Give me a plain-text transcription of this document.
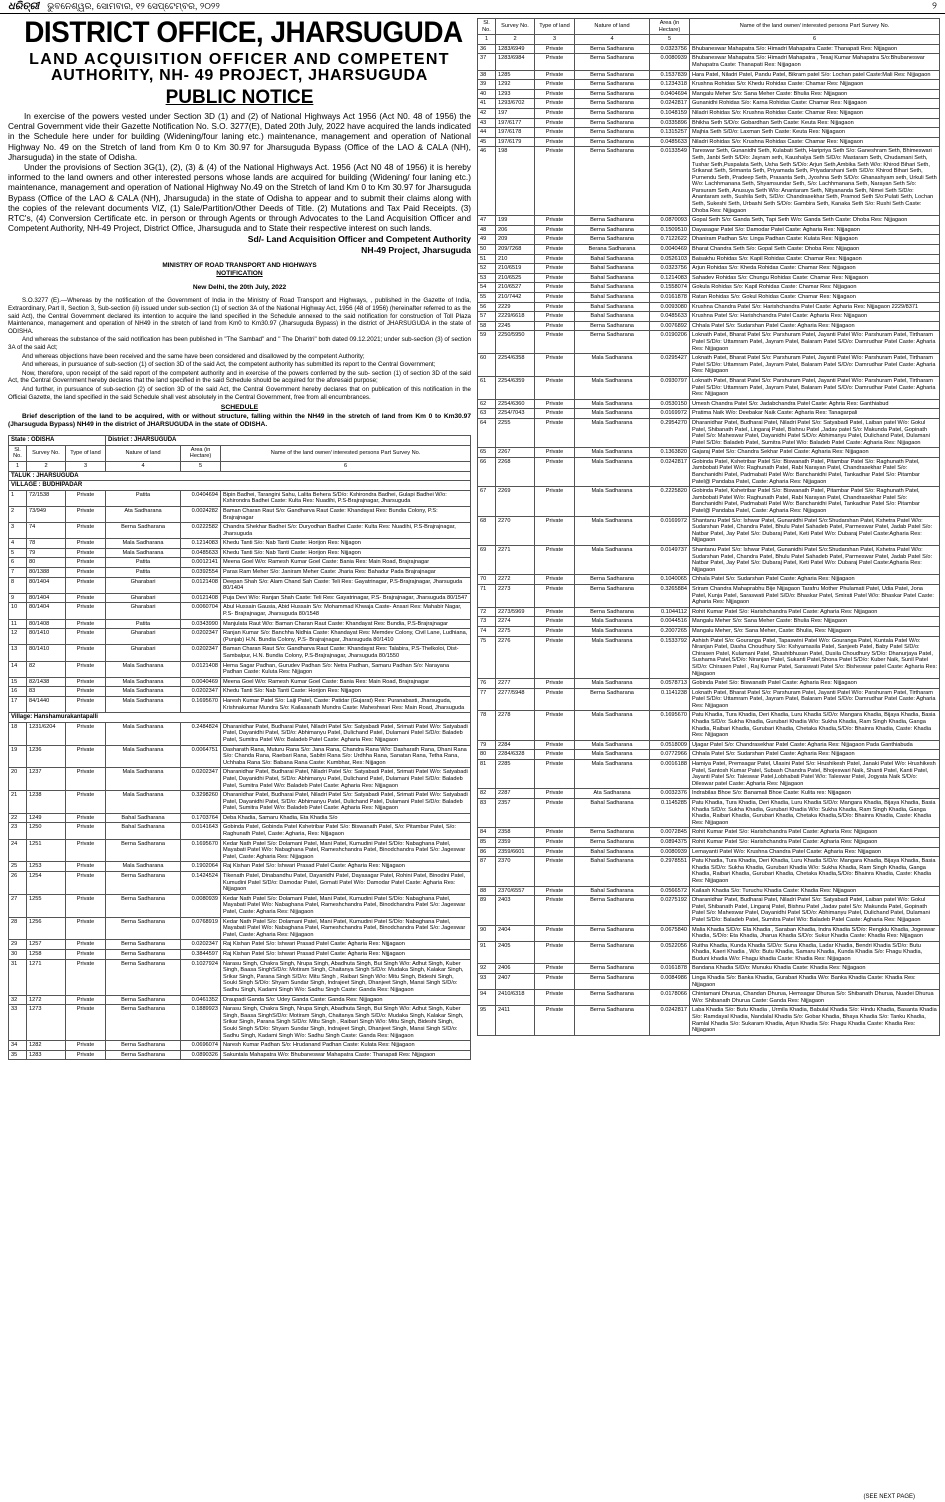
ଧରିତ୍ରୀ ଭୁବନେଶ୍ୱର, ସୋମବାର, ୧୨ ସେପ୍ଟେମ୍ବର, ୨୦୨୨	୨
DISTRICT OFFICE, JHARSUGUDA
LAND ACQUISITION OFFICER AND COMPETENT
AUTHORITY, NH- 49 PROJECT, JHARSUGUDA
PUBLIC NOTICE

In exercise of the powers vested under Section 3D (1) and (2) of National Highways Act 1956 (Act N0. 48 of 1956) the Central Government vide their Gazette Notification No. S.O. 3277(E), Dated 20th July, 2022 have acquired the lands indicated in the Schedule here under for building (Widening/four laning etc.) maintenance, management and operation of National Highway No. 49 on the Stretch of land from Km 0 to Km 30.97 for Jharsuguda Bypass (Office of the LAO & CALA (NH), Jharsuguda) in the state of Odisha.

Under the provisions of Section 3G(1), (2), (3) & (4) of the National Highways Act. 1956 (Act N0 48 of 1956) it is hereby informed to the land owners and other interested persons whose lands are acquired for building (Widening/ four laning etc.) maintenance, management and operation of National Highway No.49 on the Stretch of land Km 0 to Km 30.97 for Jharsuguda Bypass (Office of the LAO & CALA (NH), Jharsuguda) in the state of Odisha to appear and to submit their claims along with the copies of the relevant documents VIZ, (1) Sale/Partition/Other Deeds of Title. (2) Mutations and Tax Paid Receipts. (3) RTC's, (4) Conversion Certificate etc. in person or through Agents or through Advocates to the Land Acquisition Officer and Competent Authority, NH-49 Project, District Office, Jharsuguda and to State their respective interest on such lands.

Sd/- Land Acquisition Officer and Competent Authority
NH-49 Project, Jharsuguda
MINISTRY OF ROAD TRANSPORT AND HIGHWAYS
NOTIFICATION
New Delhi, the 20th July, 2022

S.O.3277 (E).—Whereas by the notification of the Government of India in the Ministry of Road Transport and Highways, , published in the Gazette of India, Extraordinary, Part II, Section 3, Sub-section (ii) issued under sub-section (1) of section 3A of the National Highway Act, 1956 (48 of 1956) (hereinafter referred to as the said Act), the Central Government declared its intention to acquire the land specified in the Schedule annexed to the said notification for construction of Toll Plaza Maintenance, management and operation of NH49 in the stretch of land from Km0 to Km30.97 (Jharsuguda Bypass) in the district of JHARSUGUDA in the state of ODISHA.

And whereas the substance of the said notification has been published in "The Sambad" and " The Dharitri" both dated 09.12.2021; under sub-section (3) of section 3A of the said Act;

And whereas objections have been received and the same have been considered and disallowed by the competent Authority;

And whereas, in pursuance of sub-section (1) of section 3D of the said Act, the competent authority has submitted its report to the Central Government;

Now, therefore, upon receipt of the said report of the competent authority and in exercise of the powers conferred by the sub- section (1) of section 3D of the said Act, the Central Government hereby declares that the land specified in the said Schedule should be acquired for the aforesaid purpose;

And further, in pursuance of sub-section (2) of section 3D of the said Act, the Central Government hereby declares that on publication of this notification in the Official Gazette, the land specified in the said Schedule shall vest absolutely in the Central Government, free from all encumbrances.

SCHEDULE

Brief description of the land to be acquired, with or without structure, falling within the NH49 in the stretch of land from Km 0 to Km30.97 (Jharsuguda Bypass) NH49 in the district of JHARSUGUDA in the state of ODISHA.

State : ODISHA			District : JHARSUGUDA		
Sl. No.	Survey No.	Type of land	Nature of land	Area (in Hectare)	Name of the land owner/ interested persons Part Survey No.
1	2	3	4	5	6
TALUK : JHARSUGUDA					
VILLAGE : BUDHIPADAR					
1	72/1538	Private	Patita	0.0404694	Bipin Badhei, Tarangini Sahu, Lalita Behera S/D/o: Kshirondra Badhei, Gulapi Badhei W/o: Kshirondra Badhei Caste: Kulta Res: Nuadihi, P.S-Brajrajnagar, Jharsuguda
2	73/949	Private	Ata Sadharana	0.0024282	Baman Charan Raut S/o: Gandharva Raut Caste: Khandayat Res: Bundia Colony, P.S: Brajrajnagar
3	74	Private	Berna Sadharana	0.0222582	Chandra Shekhar Badhei S/o: Duryodhan Badhei Caste: Kulta Res: Nuadihi, P.S-Brajrajnagar, Jharsuguda
4	78	Private	Mala Sadharana	0.1214083	Khedu Tanti S/o: Nab Tanti Caste: Horijon Res: Nijjagon
5	79	Private	Mala Sadharana	0.0485633	Khedu Tanti S/o: Nab Tanti Caste: Horijon Res: Nijjagon
6	80	Private	Patita	0.0012141	Meena Goel W/o: Ramesh Kumar Goel Caste: Bania Res: Main Road, Brajrajnagar
7	80/1388	Private	Patita	0.0392554	Paras Ram Meher S/o: Janiram Meher Caste: Jharia Res: Bahadur Pada Brajrajnagar
8	80/1404	Private	Gharabari	0.0121408	Deepan Shah S/o: Alam Chand Sah Caste: Teli Res: Gayatrinagar, P.S-Brajrajnagar, Jharsuguda 80/1404
9	80/1404	Private	Gharabari	0.0121408	Puja Devi W/o: Ranjan Shah Caste: Teli Res: Gayatrinagar, P.S- Brajrajnagar, Jharsuguda 80/1547
10	80/1404	Private	Gharabari	0.0060704	Abul Hussain Gausia, Abid Hussain S/o: Mohammad Khwaja Caste- Ansari Res: Mahabir Nagar, P.S- Brajrajnagar, Jharsuguda 80/1548
11	80/1408	Private	Patita	0.0343990	Manjulata Raut W/o: Baman Charan Raut Caste: Khandayat Res: Bundia, P.S-Brajrajnagar
12	80/1410	Private	Gharabari	0.0202347	Ranjan Kumar S/o: Banchha Nidhia Caste: Khandayat Res: Memdev Colony, Civil Lane, Ludhiana, (Punjab) H.N. Bundia Colony, P.S- Brajrajnagar, Jharsuguda 80/1410
13	80/1410	Private	Gharabari	0.0202347	Baman Charan Raut S/o: Gandharva Raut Caste: Khandayat Res: Talabira, P.S-Thelkoloi, Dist- Sambalpur, H.N. Bundia Colony, P.S-Brajrajnagar, Jharsuguda 80/1550
14	82	Private	Mala Sadharana	0.0121408	Hema Sagar Padhan, Gurudev Padhan S/o: Netra Padhan, Samaru Padhan S/o: Narayana Padhan Caste: Kuluta Res: Nijjagon
15	82/1438	Private	Mala Sadharana	0.0040469	Meena Goel W/o: Ramesh Kumar Goel Caste: Bania Res: Main Road, Brajrajnagar
16	83	Private	Mala Sadharana	0.0202347	Khedu Tanti S/o: Nab Tanti Caste: Horijon Res: Nijjagon
17	84/1440	Private	Mala Sadharana	0.1695670	Haresh Kumar Patel S/o: Laiji Patel, Caste: Patidar (Gujarat) Res: Puranabasti, Jharsuguda, Krishnakumar Mundra S/o: Kailasanath Mundra Caste: Maheshwari Res: Main Road, Jharsuguda
Village: Hanshamurakantapalli					
18	1231/6204	Private	Mala Sadharana	0.2484824	Dharanidhar Patel, Budharai Patel, Niladri Patel S/o: Satyabadi Patel, Srimati Patel W/o: Satyabadi Patel, Dayanidhi Patel, S/D/o: Abhimanyu Patel, Dulichand Patel, Dulamani Patel S/D/o: Baladeb Patel, Sumitra Patel W/o: Baladeb Patel Caste: Agharia Res: Nijjagaon
19	1236	Private	Mala Sadharana	0.0064751	Dasharath Rana, Muturu Rana S/o: Jana Rana, Chandra Rana W/o: Dasharath Rana, Dhani Rana S/o: Chanda Rana, Raebari Rana, Sabitri Rana S/o: Urdhha Rana, Sanatan Rana, Tetha Rana, Uchhaba Rana S/o: Babana Rana Caste: Kumbhar, Res: Nijjagon
20	1237	Private	Mala Sadharana	0.0202347	Dharanidhar Patel, Budharai Patel, Niladri Patel S/o: Satyabadi Patel, Srimati Patel W/o: Satyabadi Patel, Dayanidhi Patel, S/D/o: Abhimanyu Patel, Dulichand Patel, Dulamani Patel S/D/o: Baladeb Patel, Sumitra Patel W/o: Baladeb Patel Caste: Agharia Res: Nijjagaon
21	1238	Private	Mala Sadharana	0.3298260	Dharanidhar Patel, Budharai Patel, Niladri Patel S/o: Satyabadi Patel, Srimati Patel W/o: Satyabadi Patel, Dayanidhi Patel, S/D/o: Abhimanyu Patel, Dulichand Patel, Dulamani Patel S/D/o: Baladeb Patel, Sumitra Patel W/o: Baladeb Patel Caste: Agharia Res: Nijjagaon
22	1249	Private	Bahal Sadharana	0.1703764	Deba Khadia, Samaru Khadia, Eta Khadia S/o
23	1250	Private	Bahal Sadharana	0.0141643	Gobinda Patel, Gobinda Patel Kshetribar Patel S/o: Biswanath Patel, S/o: Pitambar Patel, S/o: Raghunath Patel, Caste: Agharia, Res: Nijjagaon
24	1251	Private	Berna Sadharana	0.1695670	Kedar Nath Patel S/o: Dolamani Patel, Mani Patel, Kumudini Patel S/D/o: Nabaghana Patel, Mayabati Patel W/o: Nabaghana Patel, Rameshchandra Patel, Binodchandra Patel S/o: Jageswar Patel, Caste: Agharia Res: Nijjagaon
25	1253	Private	Mala Sadharana	0.1902064	Raj Kishan Patel S/o: Ishwari Prasad Patel Caste: Agharia Res: Nijjagaon
26	1254	Private	Berna Sadharana	0.1424524	Tikenath Patel, Dinabandhu Patel, Dayanidhi Patel, Dayasagar Patel, Rohini Patel, Binodini Patel, Kumudini Patel S/D/o: Damodar Patel, Gomati Patel W/o: Damodar Patel Caste: Agharia Res: Nijjagaon
27	1255	Private	Berna Sadharana	0.0080939	Kedar Nath Patel S/o: Dolamani Patel, Mani Patel, Kumudini Patel S/D/o: Nabaghana Patel, Mayabati Patel W/o: Nabaghana Patel, Rameshchandra Patel, Binodchandra Patel S/o: Jageswar Patel, Caste: Agharia Res: Nijjagaon
28	1256	Private	Berna Sadharana	0.0768919	Kedar Nath Patel S/o: Dolamani Patel, Mani Patel, Kumudini Patel S/D/o: Nabaghana Patel, Mayabati Patel W/o: Nabaghana Patel, Rameshchandra Patel, Binodchandra Patel S/o: Jageswar Patel, Caste: Agharia Res: Nijjagaon
29	1257	Private	Berna Sadharana	0.0202347	Raj Kishan Patel S/o: Ishwari Prasad Patel Caste: Agharia Res: Nijjagaon
30	1258	Private	Berna Sadharana	0.3844597	Raj Kishan Patel S/o: Ishwari Prasad Patel Caste: Agharia Res: Nijjagaon
31	1271	Private	Berna Sadharana	0.1027924	Narasu Singh, Chakra Singh, Nrupa Singh, Abadhuta Singh, Bui Singh W/o: Adhut Singh, Kuber Singh, Baasa SinghS/D/o: Motiram Singh, Chaitanya Singh S/D/o: Mudaka Singh, Kalakar Singh, Srikar Singh, Parana Singh S/D/o: Mitu Singh , Raibari Singh W/o: Mitu Singh, Bideshi Singh, Souki Singh S/D/o: Shyam Sundar Singh, Indrajeet Singh, Dhanjeet Singh, Mansi Singh S/D/o: Sadhu Singh, Kadami Singh W/o: Sadhu Singh Caste: Ganda Res: Nijjagaon
32	1272	Private	Berna Sadharana	0.0461352	Draupadi Ganda S/o: Udey Ganda Caste: Ganda Res: Nijjagaon
33	1273	Private	Berna Sadharana	0.1889923	Narasu Singh, Chakra Singh, Nrupa Singh, Abadhuta Singh, Bui Singh W/o: Adhut Singh, Kuber Singh, Baasa SinghS/D/o: Motiram Singh, Chaitanya Singh S/D/o: Mudaka Singh, Kalakar Singh, Srikar Singh, Parana Singh S/D/o: Mitu Singh , Raibari Singh W/o: Mitu Singh, Bideshi Singh, Souki Singh S/D/o: Shyam Sundar Singh, Indrajeet Singh, Dhanjeet Singh, Mansi Singh S/D/o: Sadhu Singh, Kadami Singh W/o: Sadhu Singh Caste: Ganda Res: Nijjagaon
34	1282	Private	Berna Sadharana	0.0696074	Naresh Kumar Padhan S/o: Hrudanand Padhan Caste: Kulata Res: Nijjagaon
35	1283	Private	Berna Sadharana	0.0890326	Sakuntala Mahapatra W/o: Bhubaneswar Mahapatra Caste: Thanapati Res: Nijjagaon
Sl. No.	Survey No.	Type of land	Nature of land	Area (in Hectare)	Name of the land owner/ interested persons Part Survey No.
1	2	3	4	5	6
36	1283/6949	Private	Berna Sadharana	0.0323756	Bhubaneswar Mahapatra S/o: Himadri Mahapatra Caste: Thanapati Res: Nijjagaon
37	1283/6984	Private	Berna Sadharana	0.0080939	Bhubaneswar Mahapatra S/o: Himadri Mahapatra , Tesaj Kumar Mahapatra S/o:Bhubaneswar Mahapatra Caste: Thanapati Res: Nijjagaon
38	1285	Private	Berna Sadharana	0.1537839	Hara Patel, Niladri Patel, Pandu Patel, Bikram patel S/o: Lochan patel Caste:Mali Res: Nijjagaon
39	1292	Private	Berna Sadharana	0.1234318	Krushna Rohidas S/o: Khedu Rohidas Caste: Chamar Res: Nijjagaon
40	1293	Private	Berna Sadharana	0.0404694	Mangalu Meher S/o: Sana Meher Caste: Bhulia Res: Nijjagaon
41	1293/6702	Private	Berna Sadharana	0.0242817	Gunanidhi Rohidas S/o: Karna Rohidas Caste: Chamar Res: Nijjagaon
42	197	Private	Berna Sadharana	0.1048159	Niladri Rohidas S/o: Krushna Rohidas Caste: Chamar Res: Nijjagaon
43	197/6177	Private	Berna Sadharana	0.0335896	Bhikha Seth S/D/o: Gobardhan Seth Caste: Keuta Res: Nijjagaon
44	197/6178	Private	Berna Sadharana	0.1315257	Majhia Seth S/D/o: Laxman Seth Caste: Keuta Res: Nijjagaon
45	197/6179	Private	Berna Sadharana	0.0485633	Niladri Rohidas S/o: Krushna Rohidas Caste: Chamar Res: Nijjagaon
46	198	Private	Berna Sadharana	0.0133549	Tareswar Seth, Gunanidhi Seth, Kulabati Seth, Haripriya Seth S/o: Ganeshram Seth, Bhimeswari Seth, Janbi Seth S/D/o: Jayram seth, Kaushalya Seth S/D/o: Mastaram Seth, Chudamani Seth, Tushar Seth,Puspalata Seth, Usha Seth S/D/o: Arjun Seth,Ambika Seth W/o: Khirod Bihari Seth, Srikanat Seth, Srimanta Seth, Priyamada Seth, Priyadarshani Seth S/D/o: Khirod Bihari Seth, Purnendu Seth, Pradeep Seth, Prasanta Seth, Jyoshna Seth S/D/o: Ghanashyam seth, Urkuli Seth W/o: Lachhmanana Seth, Shyamsundar Seth, S/o: Lachhmanana Seth, Narayan Seth S/o: Parsuram Seth, Anusuya Seth W/o: Anantaram Seth, Nityananda Seth, Nimei Seth S/D/o: Anantaram seth, Sushila Seth, S/D/o: Chandrasekhar Seth, Pramod Seth S/o:Pulati Seth, Lochan Seth, Sukeshi Seth, Urbashi Seth S/D/o: Gambira Seth, Kanaka Seth S/o: Rushi Seth Caste: Dhoba Res: Nijjagaon
47	199	Private	Berna Sadharana	0.0870093	Gopal Seth S/o: Ganda Seth, Tapi Seth W/o: Ganda Seth Caste: Dhoba Res: Nijjagaon
48	206	Private	Berna Sadharana	0.1509510	Dayasagar Patel S/o: Damodar Patel Caste: Agharia Res: Nijjagaon
49	209	Private	Berna Sadharana	0.7122622	Dhaniram Padhan S/o: Linga Padhan Caste: Kulata Res: Nijjagaon
50	209/7268	Private	Berana Sadharana	0.0040469	Bharat Chandra Seth S/o: Gopal Seth Caste: Dhoba Res: Nijjagaon
51	210	Private	Bahal Sadharana	0.0526103	Baisakhu Rohidas S/o: Kapil Rohidas Caste: Chamar Res: Nijjagaon
52	210/6519	Private	Bahal Sadharana	0.0323756	Arjun Rohidas S/o: Kheda Rohidas Caste: Chamar Res: Nijjagaon
53	210/6525	Private	Bahal Sadharana	0.1214083	Sahadev Rohidas S/o: Chungu Rohidas Caste: Chamar Res: Nijjagaon
54	210/6527	Private	Bahal Sadharana	0.1558074	Gokula Rohidas S/o: Kapil Rohidas Caste: Chamar Res: Nijjagaon
55	210/7442	Private	Bahal Sadharana	0.0161878	Ratan Rohidas S/o: Gokul Rohidas Caste: Chamar Res: Nijjagaon
56	2229	Private	Bahal Sadharana	0.0093080	Krushna Chandra Patel S/o: Harishchandra Patel Caste: Agharia Res: Nijjagaon 2229/8371
57	2229/6618	Private	Bahal Sadharana	0.0485633	Krushna Patel S/o: Harishchandra Patel Caste: Agharia Res: Nijjagaon
58	2245	Private	Berna Sadharana	0.0076892	Chhala Patel S/o: Sudarshan Patel Caste: Agharia Res: Nijjagaon
59	2250/5950	Private	Berna Sadharana	0.0190206	Loknath Patel, Bharat Patel S/o: Parshuram Patel, Jayanti Patel W/o: Parshuram Patel, Tirtharam Patel S/D/o: Uttamram Patel, Jayram Patel, Balaram Patel S/D/o: Damrudhar Patel Caste: Agharia Res: Nijjagaon
60	2254/6358	Private	Mala Sadharana	0.0295427	Loknath Patel, Bharat Patel S/o: Parshuram Patel, Jayanti Patel W/o: Parshuram Patel, Tirtharam Patel S/D/o: Uttamram Patel, Jayram Patel, Balaram Patel S/D/o: Damrudhar Patel Caste: Agharia Res: Nijjagaon
61	2254/6359	Private	Mala Sadharana	0.0930797	Loknath Patel, Bharat Patel S/o: Parshuram Patel, Jayanti Patel W/o: Parshuram Patel, Tirtharam Patel S/D/o: Uttamram Patel, Jayram Patel, Balaram Patel S/D/o: Damrudhar Patel Caste: Agharia Res: Nijjagaon
62	2254/6360	Private	Mala Sadharana	0.0530150	Umesh Chandra Patel S/o: Jadabchandra Patel Caste: Aghria Res: Ganthiabud
63	2254/7043	Private	Mala Sadharana	0.0169972	Pratima Naik W/o: Deebakar Naik Caste: Agharia Res: Tanagarpali
64	2255	Private	Mala Sadharana	0.2954270	Dharanidhar Patel, Budharai Patel, Niladri Patel S/o: Satyabadi Patel, Laiban patel W/o: Gokul Patel, Shibanath Patel, Lingaraj Patel, Bishnu Patel ,Jadav patel S/o: Makunda Patel, Gopinath Patel S/o: Maheswar Patel, Dayanidhi Patel S/D/o: Abhimanyu Patel, Dulichand Patel, Dulamani Patel S/D/o: Baladeb Patel, Sumitra Patel W/o: Baladeb Patel Caste: Agharia Res: Nijjagaon
65	2267	Private	Mala Sadharana	0.1363820	Gajaraj Patel S/o: Chandra Sekhar Patel Caste: Agharia Res: Nijjagaon
66	2268	Private	Mala Sadharana	0.0242817	Gobinda Patel, Kshetribar Patel S/o: Biswanath Patel, Pitambar Patel S/o: Raghunath Patel, Jambobati Patel W/o: Raghunath Patel, Rabi Narayan Patel, Chandrasekhar Patel S/o: Banchanidhi Patel, Padmabati Patel W/o: Banchanidhi Patel, Tankadhar Patel S/o: Pitambar Patel@ Pandaba Patel, Caste: Agharia Res: Nijjagaon
67	2269	Private	Mala Sadharana	0.2225820	Gobinda Patel, Kshetribar Patel S/o: Biswanath Patel, Pitambar Patel S/o: Raghunath Patel, Jambobati Patel W/o: Raghunath Patel, Rabi Narayan Patel, Chandrasekhar Patel S/o: Banchanidhi Patel, Padmabati Patel W/o: Banchanidhi Patel, Tankadhar Patel S/o: Pitambar Patel@ Pandaba Patel, Caste: Agharia Res: Nijjagaon
68	2270	Private	Mala Sadharana	0.0169972	Shantanu Patel S/o: Ishwar Patel, Gunanidhi Patel S/o:Shudarshan Patel, Kshetra Patel W/o: Sudarshan Patel, Chandra Patel, Bhulu Patel Sahadeb Patel, Parmeswar Patel, Jadab Patel S/o: Natbar Patel, Jay Patel S/o: Dubaraj Patel, Keti Patel W/o: Dubaraj Patel Caste:Agharia Res: Nijjagaon
69	2271	Private	Mala Sadharana	0.0149737	Shantanu Patel S/o: Ishwar Patel, Gunanidhi Patel S/o:Shudarshan Patel, Kshetra Patel W/o: Sudarshan Patel, Chandra Patel, Bhulu Patel Sahadeb Patel, Parmeswar Patel, Jadab Patel S/o: Natbar Patel, Jay Patel S/o: Dubaraj Patel, Keti Patel W/o: Dubaraj Patel Caste:Agharia Res: Nijjagaon
70	2272	Private	Berna Sadharana	0.1040065	Chhala Patel S/o: Sudarshan Patel Caste: Agharia Res: Nijjagaon
71	2273	Private	Berna Sadharana	0.3265884	Sriram Chandra Mahaprabhu Bije Nijjagaon Tarafru Mother Phulamati Patel, Udia Patel, Jona Patel, Kunja Patel, Saraswati Patel S/D/o: Bhaskar Patel, Smirati Patel W/o: Bhaskar Patel Caste: Agharia Res: Nijjagaon
72	2273/5969	Private	Berna Sadharana	0.1044112	Rohit Kumar Patel S/o: Harishchandra Patel Caste: Agharia Res: Nijjagaon
73	2274	Private	Mala Sadharana	0.0044516	Mangalu Meher S/o: Sana Meher Caste: Bhulia Res: Nijjagaon
74	2275	Private	Mala Sadharana	0.2007265	Mangalu Meher, S/o: Sana Meher, Caste: Bhulia, Res: Nijjagaon
75	2276	Private	Mala Sadharana	0.1533792	Ashish Patel S/o: Gouranga Patel, Tapaswini Patel W/o: Gouranga Patel, Kuntala Patel W/o: Niranjan Patel, Dasha Choudhury S/o: Kshyamasila Patel, Sanjeeb Patel, Baby Patel S/D/o: Chirasen Patel, Kulamani Patel, Shashibhusan Patel, Dusila Choudhury S/D/o: Dhanurjaya Patel, Sushama Patel,S/D/o: Niranjan Patel, Sukanti Patel,Shona Patel S/D/o: Kuber Naik, Sunil Patel S/D/o: Chirasen Patel , Raj Kumar Patel, Saraswati Patel S/o: Bisheswar patel Caste: Agharia Res: Nijjagaon
76	2277	Private	Mala Sadharana	0.0578713	Gobinda Patel S/o: Biswanath Patel Caste: Agharia Res: Nijjagaon
77	2277/5948	Private	Berna Sadharana	0.1141238	Loknath Patel, Bharat Patel S/o: Parshuram Patel, Jayanti Patel W/o: Parshuram Patel, Tirtharam Patel S/D/o: Uttamram Patel, Jayram Patel, Balaram Patel S/D/o: Damrudhar Patel Caste: Agharia Res: Nijjagaon
78	2278	Private	Mala Sadharana	0.1695670	Patu Khadia, Tura Khadia, Deri Khadia, Luru Khadia S/D/o: Mangara Khadia, Bijaya Khadia, Basia Khadia S/D/o: Sukha Khadia, Gurubari Khadia W/o: Sukha Khadia, Ram Singh Khadia, Ganga Khadia, Raibari Khadia, Gurubari Khadia, Chetaka Khadia,S/D/o: Bhainra Khadia, Caste: Khadia Res: Nijjagaon
79	2284	Private	Mala Sadharana	0.0518009	Ujagar Patel S/o: Chandrasekhar Patel Caste: Agharia Res: Nijjagaon Pada Ganthiabuda
80	2284/6328	Private	Mala Sadharana	0.0772966	Chhala Patel S/o: Sudarshan Patel Caste: Agharia Res: Nijjagaon
81	2285	Private	Mala Sadharana	0.0016188	Hamiya Patel, Premsagar Patel, Ulasini Patel S/o: Hrushikesh Patel, Janaki Patel W/o: Hrushikesh Patel, Santosh Kumar Patel, Subash Chandra Patel, Bhojeswari Naik, Shanti Patel, Kanti Patel, Jayanti Patel S/o: Taleswar Patel,Lobhabati Patel W/o: Taleswar Patel, Jogyata Naik S/D/o: Dileswar patel Caste: Agharia Res: Nijjagaon
82	2287	Private	Ata Sadharana	0.0032376	Indrabilas Bhoe S/o: Banamali Bhoe Caste: Kulita res: Nijjagaon
83	2357	Private	Bahal Sadharana	0.1145285	Patu Khadia, Tura Khadia, Deri Khadia, Luru Khadia S/D/o: Mangara Khadia, Bijaya Khadia, Basia Khadia S/D/o: Sukha Khadia, Gurubari Khadia W/o: Sukha Khadia, Ram Singh Khadia, Ganga Khadia, Raibari Khadia, Gurubari Khadia, Chetaka Khadia,S/D/o: Bhainra Khadia, Caste: Khadia Res: Nijjagaon
84	2358	Private	Berna Sadharana	0.0072845	Rohit Kumar Patel S/o: Harishchandra Patel Caste: Agharia Res: Nijjagaon
85	2359	Private	Berna Sadharana	0.0894375	Rohit Kumar Patel S/o: Harishchandra Patel Caste: Agharia Res: Nijjagaon
86	2359/6601	Private	Bahal Sadharana	0.0080939	Lemayanti Patel W/o: Krushna Chandra Patel Caste: Agharia Res: Nijjagaon
87	2370	Private	Bahal Sadharana	0.2978551	Patu Khadia, Tura Khadia, Deri Khadia, Luru Khadia S/D/o: Mangara Khadia, Bijaya Khadia, Basia Khadia S/D/o: Sukha Khadia, Gurubari Khadia W/o: Sukha Khadia, Ram Singh Khadia, Ganga Khadia, Raibari Khadia, Gurubari Khadia, Chetaka Khadia,S/D/o: Bhainra Khadia, Caste: Khadia Res: Nijjagaon
88	2370/6557	Private	Bahal Sadharana	0.0566572	Kailash Khadia S/o: Turuchu Khadia Caste: Khadia Res: Nijjagaon
89	2403	Private	Berna Sadharana	0.0275192	Dharanidhar Patel, Budharai Patel, Niladri Patel S/o: Satyabadi Patel, Laiban patel W/o: Gokul Patel, Shibanath Patel, Lingaraj Patel, Bishnu Patel ,Jadav patel S/o: Makunda Patel, Gopinath Patel S/o: Maheswar Patel, Dayanidhi Patel S/D/o: Abhimanyu Patel, Dulichand Patel, Dulamani Patel S/D/o: Baladeb Patel, Sumitra Patel W/o: Baladeb Patel Caste: Agharia Res: Nijjagaon
90	2404	Private	Berna Sadharana	0.0675840	Malia Khadia S/D/o: Eta Khadia , Saraban Khadia, Indra Khadia S/D/o: Rengklu Khadia, Jogeswar Khadia, S/D/o: Eta Khadia, Jharua Khadia S/D/o: Sukur Khadia Caste: Khadia Res: Nijjagaon
91	2405	Private	Berna Sadharana	0.0522056	Ruitha Khadia, Kunda Khadia S/D/o: Suna Khadia, Ladar Khadia, Bendri Khadia S/D/o: Butu Khadia, Kaeri Khadia , W/o: Butu Khadia, Samaru Khadia, Kunda Khadia S/o: Fhagu Khadia, Buduni khadia W/o: Fhagu khadia Caste: Khadia Res: Nijjagaon
92	2406	Private	Berna Sadharana	0.0161878	Bandana Khadia S/D/o: Munuku Khadia Caste: Khadia Res: Nijjagaon
93	2407	Private	Berna Sadharana	0.0084986	Linga Khadia S/o: Banka Khadia, Gurabari Khadia W/o: Banka Khadia Caste: Khadia Res: Nijjagaon
94	2410/6318	Private	Berna Sadharana	0.0178066	Chintamani Dhurua, Chandan Dhurua, Hemsagar Dhurua S/o: Shibanath Dhurua, Nuadei Dhurua W/o: Shibanath Dhurua Caste: Ganda Res: Nijjagaon
95	2411	Private	Berna Sadharana	0.0242817	Laba Khadia S/o: Butu Khadia , Urmila Khadia, Babulal Khadia S/o: Hindu Khadia, Basanta Khadia S/o: Ramdayal Khadia, Nandalal Khadia S/o: Gobar Khadia, Bhaya Khadia S/o: Tanku Khadia, Ramlal Khadia S/o: Sukaram Khadia, Arjun Khadia S/o: Fhagu Khadia Caste: Khadia Res: Nijjagaon
(SEE NEXT PAGE)
